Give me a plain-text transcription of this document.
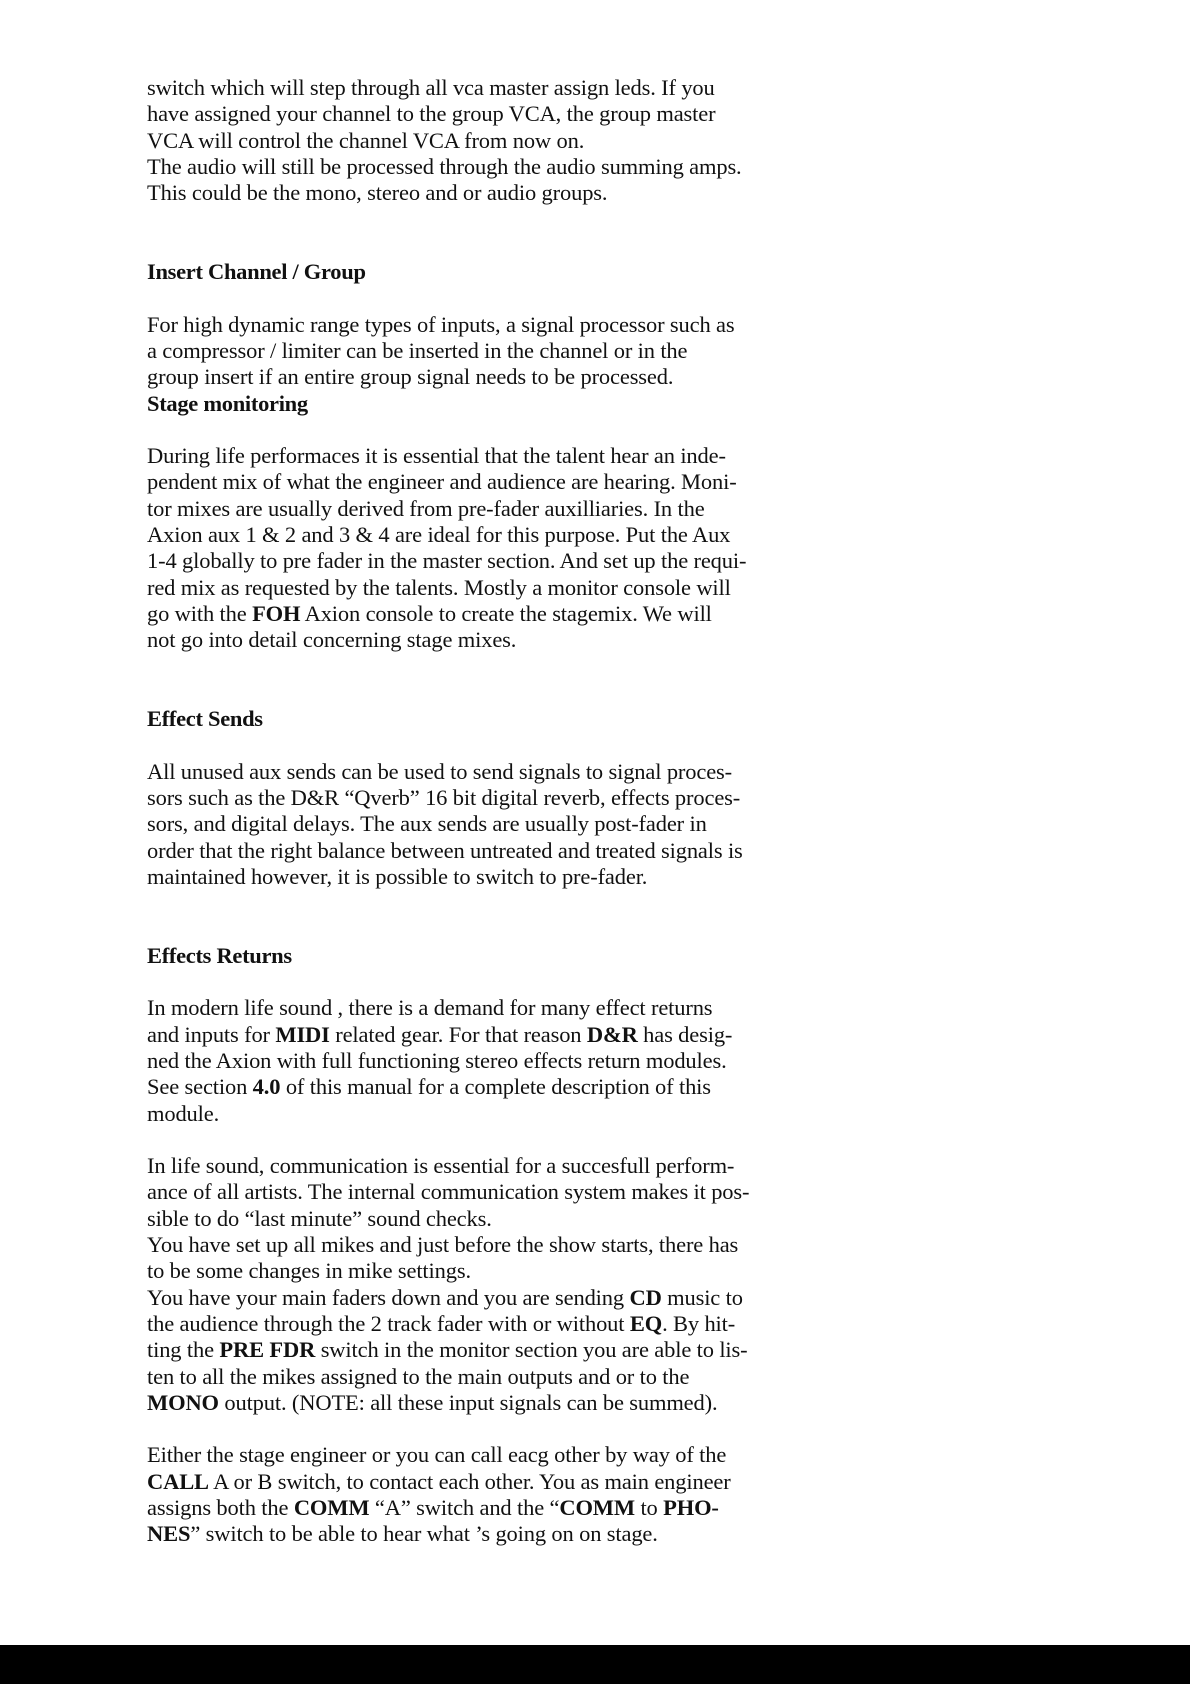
switch which will step through all vca master assign leds. If you
have assigned your channel to the group VCA, the group master
VCA will control the channel VCA from now on.
The audio will still be processed through the audio summing amps.
This could be the mono, stereo and or audio groups.
Insert Channel / Group
For high dynamic range types of inputs, a signal processor such as
a compressor / limiter can be inserted in the channel or in the
group insert if an entire group signal needs to be processed.
Stage monitoring
During life performaces it is essential that the talent hear an inde-
pendent mix of what the engineer and audience are hearing. Moni-
tor mixes are usually derived from pre-fader auxilliaries. In the
Axion aux 1 & 2 and 3 & 4 are ideal for this purpose. Put the Aux
1-4 globally to pre fader in the master section. And set up the requi-
red mix as requested by the talents. Mostly a monitor console will
go with the FOH Axion console to create the stagemix. We will
not go into detail concerning stage mixes.
Effect Sends
All unused aux sends can be used to send signals to signal proces-
sors such as the D&R “Qverb” 16 bit digital reverb, effects proces-
sors, and digital delays. The aux sends are usually post-fader in
order that the right balance between untreated and treated signals is
maintained however, it is possible to switch to pre-fader.
Effects Returns
In modern life sound , there is a demand for many effect returns
and inputs for MIDI related gear. For that reason D&R has desig-
ned the Axion with full functioning stereo effects return modules.
See section 4.0 of this manual for a complete description of this
module.
In life sound, communication is essential for a succesfull perform-
ance of all artists. The internal communication system makes it pos-
sible to do “last minute” sound checks.
You have set up all mikes and just before the show starts, there has
to be some changes in mike settings.
You have your main faders down and you are sending CD music to
the audience through the 2 track fader with or without EQ. By hit-
ting the PRE FDR switch in the monitor section you are able to lis-
ten to all the mikes assigned to the main outputs and or to the
MONO output. (NOTE: all these input signals can be summed).
Either the stage engineer or you can call eacg other by way of the
CALL A or B switch, to contact each other. You as main engineer
assigns both the COMM “A” switch and the “COMM to PHO-
NES” switch to be able to hear what ’s going on on stage.
